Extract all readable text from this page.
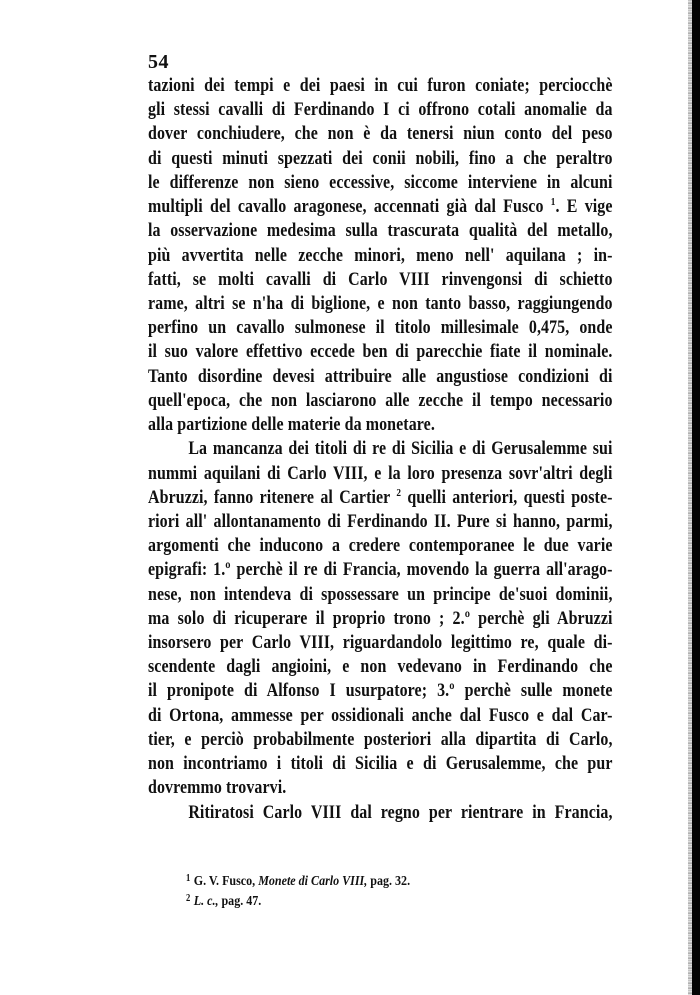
54
tazioni dei tempi e dei paesi in cui furon coniate; perciocchè
gli stessi cavalli di Ferdinando I ci offrono cotali anomalie da
dover conchiudere, che non è da tenersi niun conto del peso
di questi minuti spezzati dei conii nobili, fino a che peraltro
le differenze non sieno eccessive, siccome interviene in alcuni
multipli del cavallo aragonese, accennati già dal Fusco $^1$. E vige
la osservazione medesima sulla trascurata qualità del metallo,
più avvertita nelle zecche minori, meno nell' aquilana ; in-
fatti, se molti cavalli di Carlo VIII rinvengonsi di schietto
rame, altri se n'ha di biglione, e non tanto basso, raggiungendo
perfino un cavallo sulmonese il titolo millesimale 0,475, onde
il suo valore effettivo eccede ben di parecchie fiate il nominale.
Tanto disordine devesi attribuire alle angustiose condizioni di
quell'epoca, che non lasciarono alle zecche il tempo necessario
alla partizione delle materie da monetare.
La mancanza dei titoli di re di Sicilia e di Gerusalemme sui
nummi aquilani di Carlo VIII, e la loro presenza sovr'altri degli
Abruzzi, fanno ritenere al Cartier $^2$ quelli anteriori, questi poste-
riori all' allontanamento di Ferdinando II. Pure si hanno, parmi,
argomenti che inducono a credere contemporanee le due varie
epigrafi: 1.º perchè il re di Francia, movendo la guerra all'arago-
nese, non intendeva di spossessare un principe de'suoi dominii,
ma solo di ricuperare il proprio trono ; 2.º perchè gli Abruzzi
insorsero per Carlo VIII, riguardandolo legittimo re, quale di-
scendente dagli angioini, e non vedevano in Ferdinando che
il pronipote di Alfonso I usurpatore; 3.º perchè sulle monete
di Ortona, ammesse per ossidionali anche dal Fusco e dal Car-
tier, e perciò probabilmente posteriori alla dipartita di Carlo,
non incontriamo i titoli di Sicilia e di Gerusalemme, che pur
dovremmo trovarvi.
Ritiratosi Carlo VIII dal regno per rientrare in Francia,
$^1$ G. V. Fusco, Monete di Carlo VIII, pag. 32.
$^2$ L. c., pag. 47.
